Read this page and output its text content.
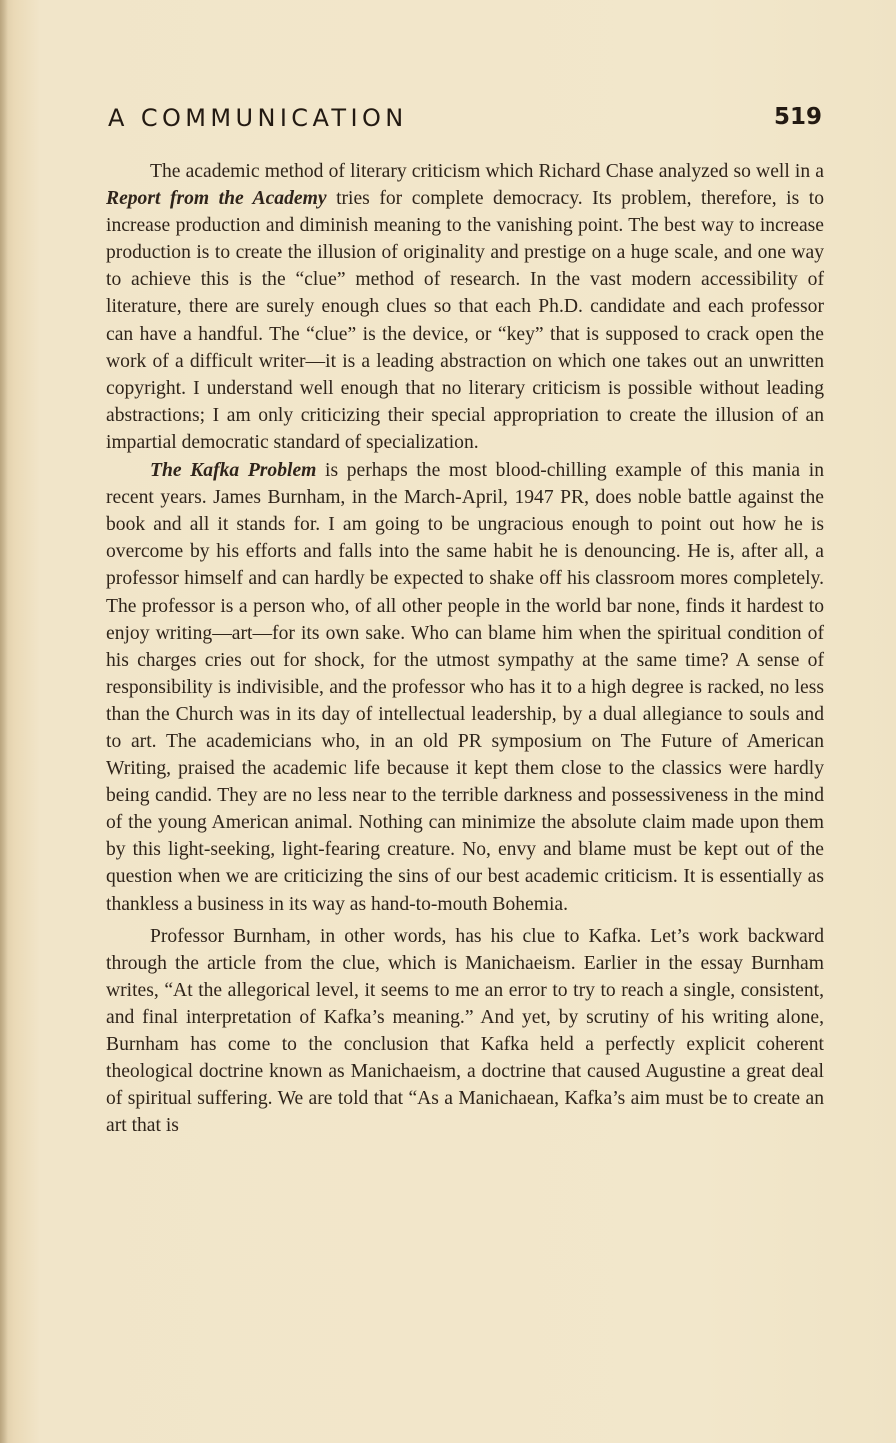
A COMMUNICATION	519

The academic method of literary criticism which Richard Chase analyzed so well in a Report from the Academy tries for complete democracy. Its problem, therefore, is to increase production and diminish meaning to the vanishing point. The best way to increase production is to create the illusion of originality and prestige on a huge scale, and one way to achieve this is the “clue” method of research. In the vast modern accessibility of literature, there are surely enough clues so that each Ph.D. candidate and each professor can have a handful. The “clue” is the device, or “key” that is supposed to crack open the work of a difficult writer—it is a leading abstraction on which one takes out an unwritten copyright. I understand well enough that no literary criticism is possible without leading abstractions; I am only criticizing their special appropriation to create the illusion of an impartial democratic standard of specialization.

The Kafka Problem is perhaps the most blood-chilling example of this mania in recent years. James Burnham, in the March-April, 1947 PR, does noble battle against the book and all it stands for. I am going to be ungracious enough to point out how he is overcome by his efforts and falls into the same habit he is denouncing. He is, after all, a professor himself and can hardly be expected to shake off his classroom mores completely. The professor is a person who, of all other people in the world bar none, finds it hardest to enjoy writing—art—for its own sake. Who can blame him when the spiritual condition of his charges cries out for shock, for the utmost sympathy at the same time? A sense of responsibility is indivisible, and the professor who has it to a high degree is racked, no less than the Church was in its day of intellectual leadership, by a dual allegiance to souls and to art. The academicians who, in an old PR symposium on The Future of American Writing, praised the academic life because it kept them close to the classics were hardly being candid. They are no less near to the terrible darkness and possessiveness in the mind of the young American animal. Nothing can minimize the absolute claim made upon them by this light-seeking, light-fearing creature. No, envy and blame must be kept out of the question when we are criticizing the sins of our best academic criticism. It is essentially as thankless a business in its way as hand-to-mouth Bohemia.

Professor Burnham, in other words, has his clue to Kafka. Let’s work backward through the article from the clue, which is Manichaeism. Earlier in the essay Burnham writes, “At the allegorical level, it seems to me an error to try to reach a single, consistent, and final interpretation of Kafka’s meaning.” And yet, by scrutiny of his writing alone, Burnham has come to the conclusion that Kafka held a perfectly explicit coherent theological doctrine known as Manichaeism, a doctrine that caused Augustine a great deal of spiritual suffering. We are told that “As a Manichaean, Kafka’s aim must be to create an art that is
